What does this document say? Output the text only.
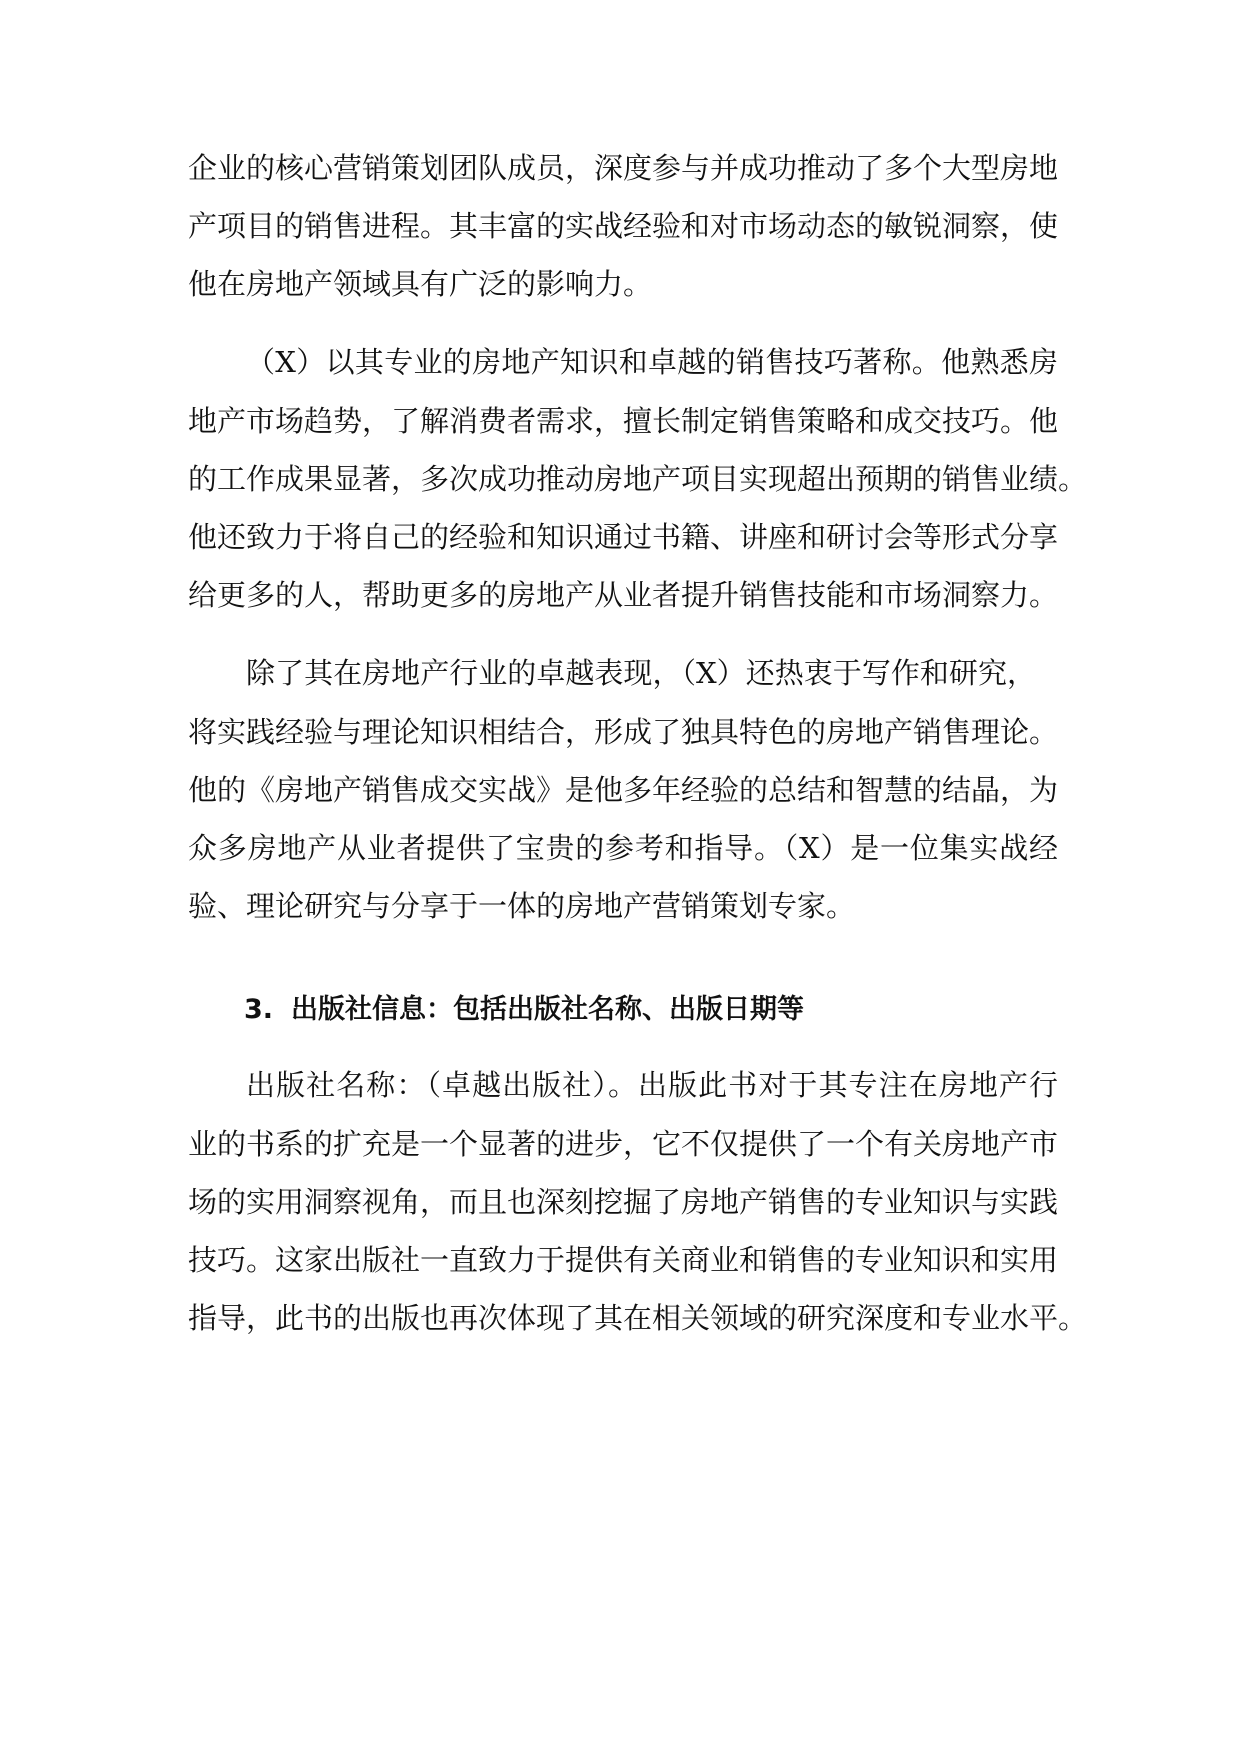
企业的核心营销策划团队成员，深度参与并成功推动了多个大型房地
产项目的销售进程。其丰富的实战经验和对市场动态的敏锐洞察，使
他在房地产领域具有广泛的影响力。
（X）以其专业的房地产知识和卓越的销售技巧著称。他熟悉房
地产市场趋势，了解消费者需求，擅长制定销售策略和成交技巧。他
的工作成果显著，多次成功推动房地产项目实现超出预期的销售业绩。
他还致力于将自己的经验和知识通过书籍、讲座和研讨会等形式分享
给更多的人，帮助更多的房地产从业者提升销售技能和市场洞察力。
除了其在房地产行业的卓越表现，（X）还热衷于写作和研究，
将实践经验与理论知识相结合，形成了独具特色的房地产销售理论。
他的《房地产销售成交实战》是他多年经验的总结和智慧的结晶，为
众多房地产从业者提供了宝贵的参考和指导。（X）是一位集实战经
验、理论研究与分享于一体的房地产营销策划专家。
3. 出版社信息：包括出版社名称、出版日期等
出版社名称：（卓越出版社）。出版此书对于其专注在房地产行
业的书系的扩充是一个显著的进步，它不仅提供了一个有关房地产市
场的实用洞察视角，而且也深刻挖掘了房地产销售的专业知识与实践
技巧。这家出版社一直致力于提供有关商业和销售的专业知识和实用
指导，此书的出版也再次体现了其在相关领域的研究深度和专业水平。
